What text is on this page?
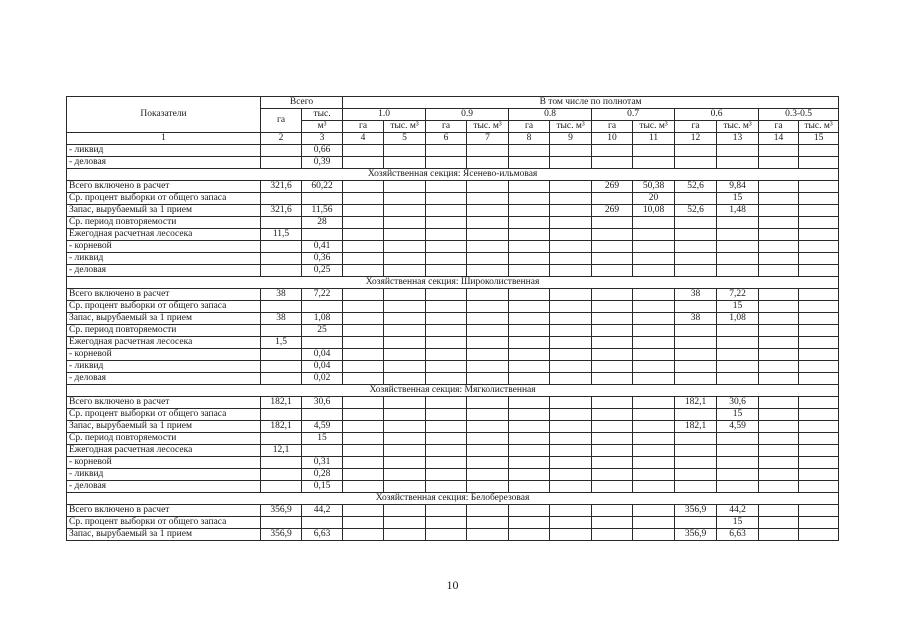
Показатели	Всего		В том числе по полнотам											
	га	тыс.	1.0		0.9		0.8		0.7		0.6		0.3-0.5	
		м³	га	тыс. м³	га	тыс. м³	га	тыс. м³	га	тыс. м³	га	тыс. м³	га	тыс. м³
1	2	3	4	5	6	7	8	9	10	11	12	13	14	15
- ликвид		0,66												
- деловая		0,39												
Хозяйственная секция: Ясенево-ильмовая														
Всего включено в расчет	321,6	60,22							269	50,38	52,6	9,84		
Ср. процент выборки от общего запаса										20		15		
Запас, вырубаемый за 1 прием	321,6	11,56							269	10,08	52,6	1,48		
Ср. период повторяемости		28												
Ежегодная расчетная лесосека	11,5													
- корневой		0,41												
- ликвид		0,36												
- деловая		0,25												
Хозяйственная секция: Широколиственная														
Всего включено в расчет	38	7,22									38	7,22		
Ср. процент выборки от общего запаса												15		
Запас, вырубаемый за 1 прием	38	1,08									38	1,08		
Ср. период повторяемости		25												
Ежегодная расчетная лесосека	1,5													
- корневой		0,04												
- ликвид		0,04												
- деловая		0,02												
Хозяйственная секция: Мягколиственная														
Всего включено в расчет	182,1	30,6									182,1	30,6		
Ср. процент выборки от общего запаса												15		
Запас, вырубаемый за 1 прием	182,1	4,59									182,1	4,59		
Ср. период повторяемости		15												
Ежегодная расчетная лесосека	12,1													
- корневой		0,31												
- ликвид		0,28												
- деловая		0,15												
Хозяйственная секция: Белоберезовая														
Всего включено в расчет	356,9	44,2									356,9	44,2		
Ср. процент выборки от общего запаса												15		
Запас, вырубаемый за 1 прием	356,9	6,63									356,9	6,63		
10
